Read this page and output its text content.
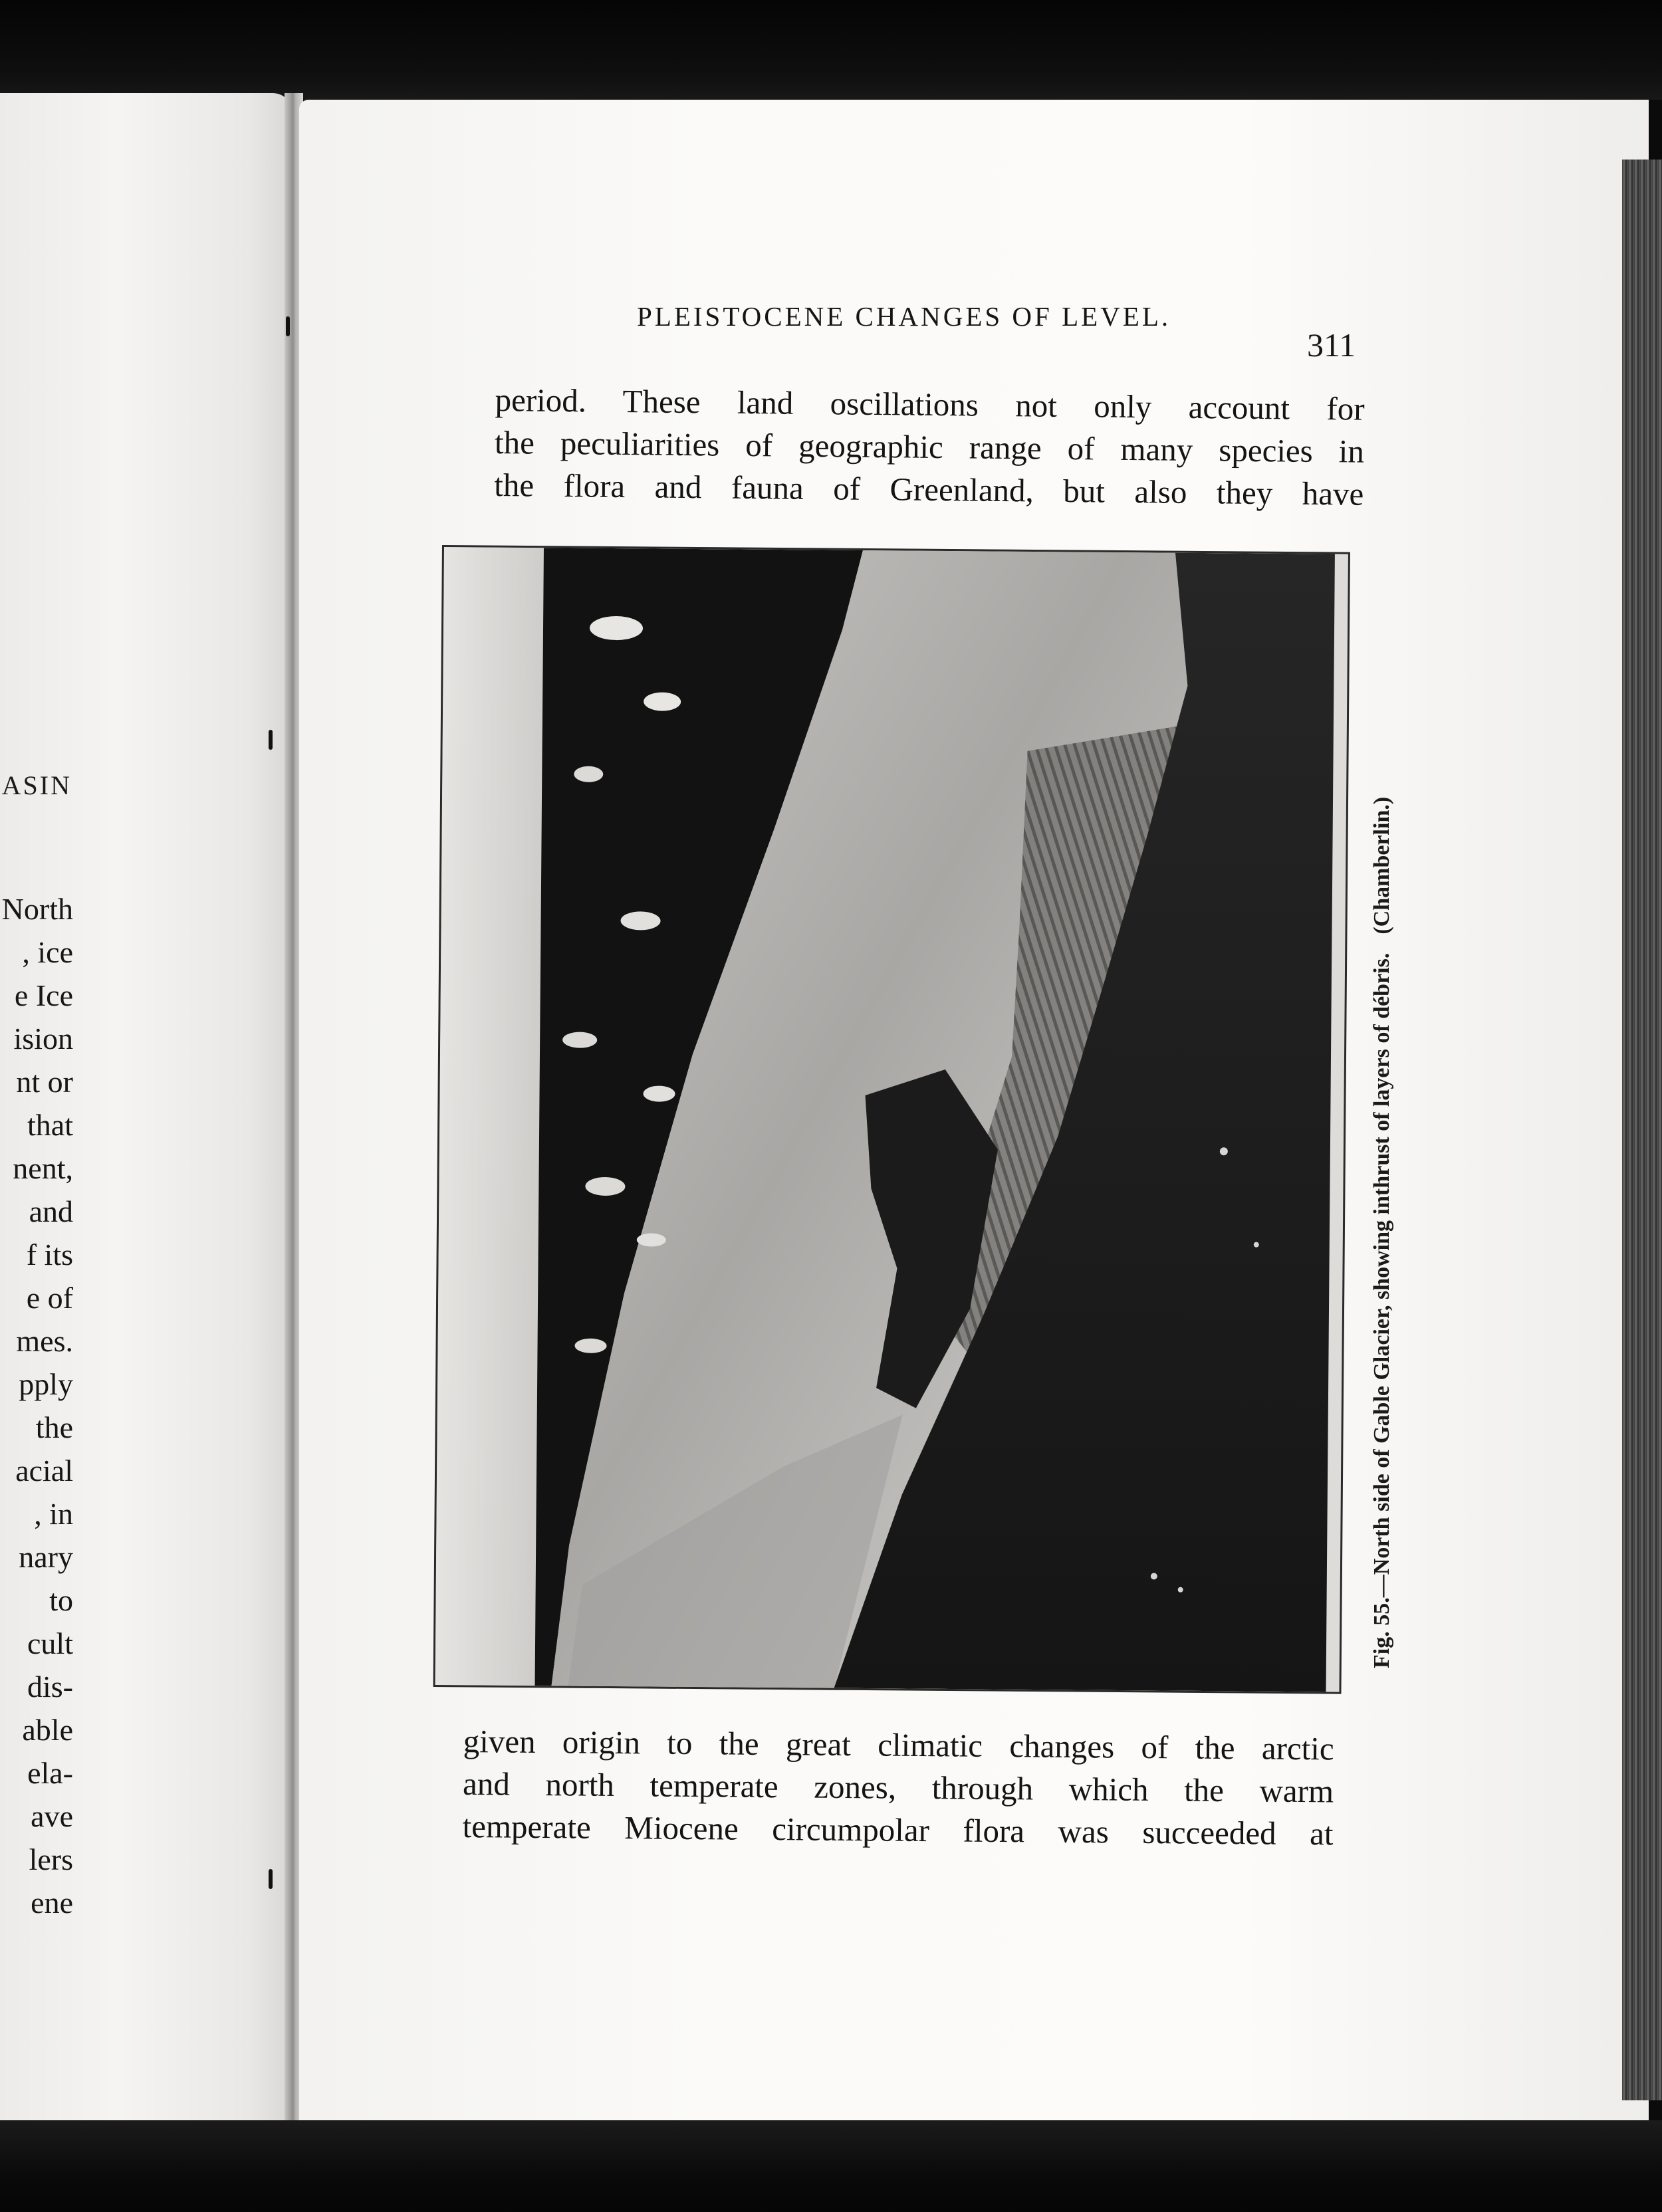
ASIN
North
, ice
e Ice
ision
nt or
that
nent,
and
f its
e of
mes.
pply
the
acial
, in
nary
to
cult
dis-
able
ela-
ave
lers
ene
PLEISTOCENE CHANGES OF LEVEL.
311
period. These land oscillations not only account for
the peculiarities of geographic range of many species in
the flora and fauna of Greenland, but also they have
Fig. 55.—North side of Gable Glacier, showing inthrust of layers of débris.(Chamberlin.)
given origin to the great climatic changes of the arctic
and north temperate zones, through which the warm
temperate Miocene circumpolar flora was succeeded at
